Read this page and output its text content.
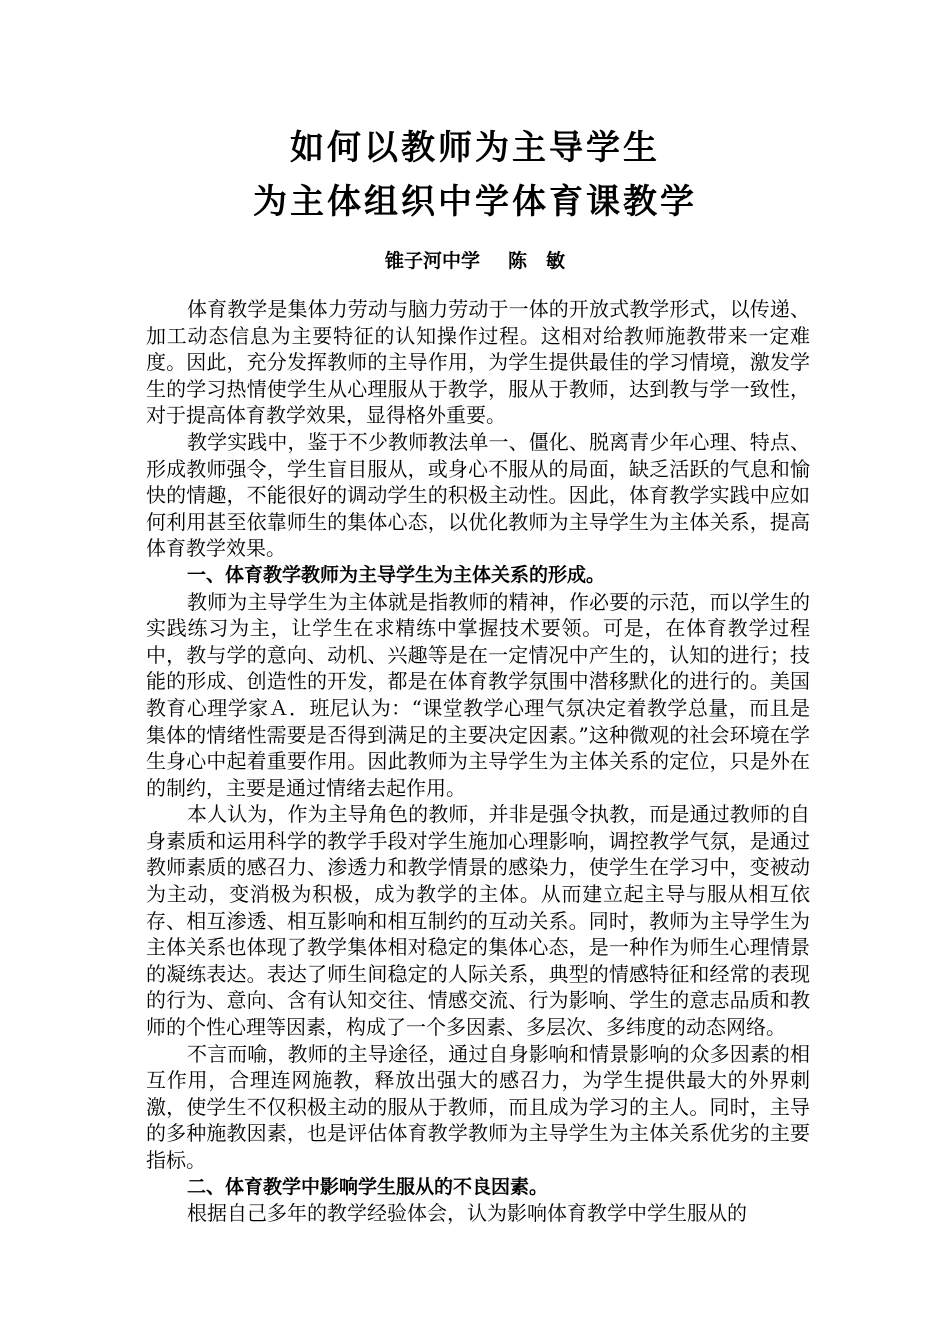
如何以教师为主导学生
为主体组织中学体育课教学
锥子河中学 陈　敏

体育教学是集体力劳动与脑力劳动于一体的开放式教学形式，以传递、加工动态信息为主要特征的认知操作过程。这相对给教师施教带来一定难度。因此，充分发挥教师的主导作用，为学生提供最佳的学习情境，激发学生的学习热情使学生从心理服从于教学，服从于教师，达到教与学一致性，对于提高体育教学效果，显得格外重要。

教学实践中，鉴于不少教师教法单一、僵化、脱离青少年心理、特点、形成教师强令，学生盲目服从，或身心不服从的局面，缺乏活跃的气息和愉快的情趣，不能很好的调动学生的积极主动性。因此，体育教学实践中应如何利用甚至依靠师生的集体心态，以优化教师为主导学生为主体关系，提高体育教学效果。

一、体育教学教师为主导学生为主体关系的形成。

教师为主导学生为主体就是指教师的精神，作必要的示范，而以学生的实践练习为主，让学生在求精练中掌握技术要领。可是，在体育教学过程中，教与学的意向、动机、兴趣等是在一定情况中产生的，认知的进行；技能的形成、创造性的开发，都是在体育教学氛围中潜移默化的进行的。美国教育心理学家Ａ．班尼认为：“课堂教学心理气氛决定着教学总量，而且是集体的情绪性需要是否得到满足的主要决定因素。”这种微观的社会环境在学生身心中起着重要作用。因此教师为主导学生为主体关系的定位，只是外在的制约，主要是通过情绪去起作用。

本人认为，作为主导角色的教师，并非是强令执教，而是通过教师的自身素质和运用科学的教学手段对学生施加心理影响，调控教学气氛，是通过教师素质的感召力、渗透力和教学情景的感染力，使学生在学习中，变被动为主动，变消极为积极，成为教学的主体。从而建立起主导与服从相互依存、相互渗透、相互影响和相互制约的互动关系。同时，教师为主导学生为主体关系也体现了教学集体相对稳定的集体心态，是一种作为师生心理情景的凝练表达。表达了师生间稳定的人际关系，典型的情感特征和经常的表现的行为、意向、含有认知交往、情感交流、行为影响、学生的意志品质和教师的个性心理等因素，构成了一个多因素、多层次、多纬度的动态网络。

不言而喻，教师的主导途径，通过自身影响和情景影响的众多因素的相互作用，合理连网施教，释放出强大的感召力，为学生提供最大的外界刺激，使学生不仅积极主动的服从于教师，而且成为学习的主人。同时，主导的多种施教因素，也是评估体育教学教师为主导学生为主体关系优劣的主要指标。

二、体育教学中影响学生服从的不良因素。

根据自己多年的教学经验体会，认为影响体育教学中学生服从的
